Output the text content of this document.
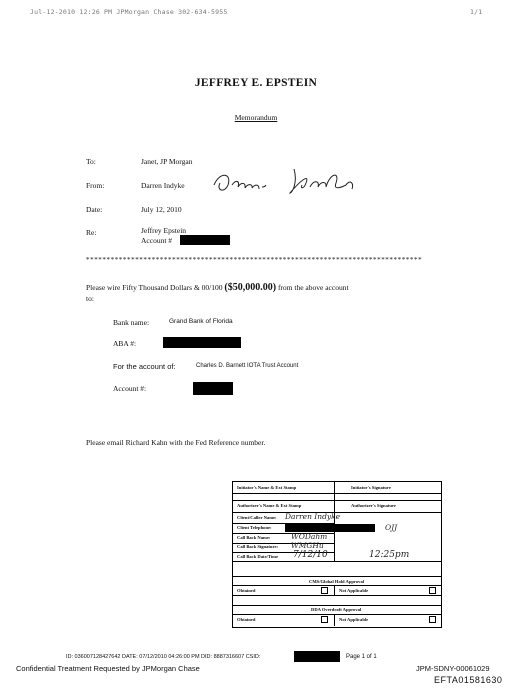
Jul-12-2010 12:26 PM JPMorgan Chase 302-634-5955	1/1
JEFFREY E. EPSTEIN
Memorandum
To:	Janet, JP Morgan
From:	Darren Indyke
Date:	July 12, 2010
Re:	Jeffrey Epstein
Account #
**********************************************************************************
Please wire Fifty Thousand Dollars & 00/100 ($50,000.00) from the above account
to:
Bank name:	Grand Bank of Florida
ABA #:
For the account of:	Charles D. Barnett IOTA Trust Account
Account #:
Please email Richard Kahn with the Fed Reference number.
Initiator's Name & Ext Stamp	Initiator's Signature
Authorizer's Name & Ext Stamp	Authorizer's Signature
Client/Caller Name: Darren Indyke
Client Telephone:	OJJ
Call Back Name:	WODahm
Call Back Signature: WMGHu
Call Back Date/Time 7/12/10	12:25pm
CMS/Global Hold Approval
Obtained	Not Applicable
DDA Overdraft Approval
Obtained	Not Applicable
ID: 036007128427642 DATE: 07/12/2010 04:26:00 PM DID: 8887316607 CSID:	Page 1 of 1
Confidential Treatment Requested by JPMorgan Chase	JPM-SDNY-00061029
EFTA01581630
